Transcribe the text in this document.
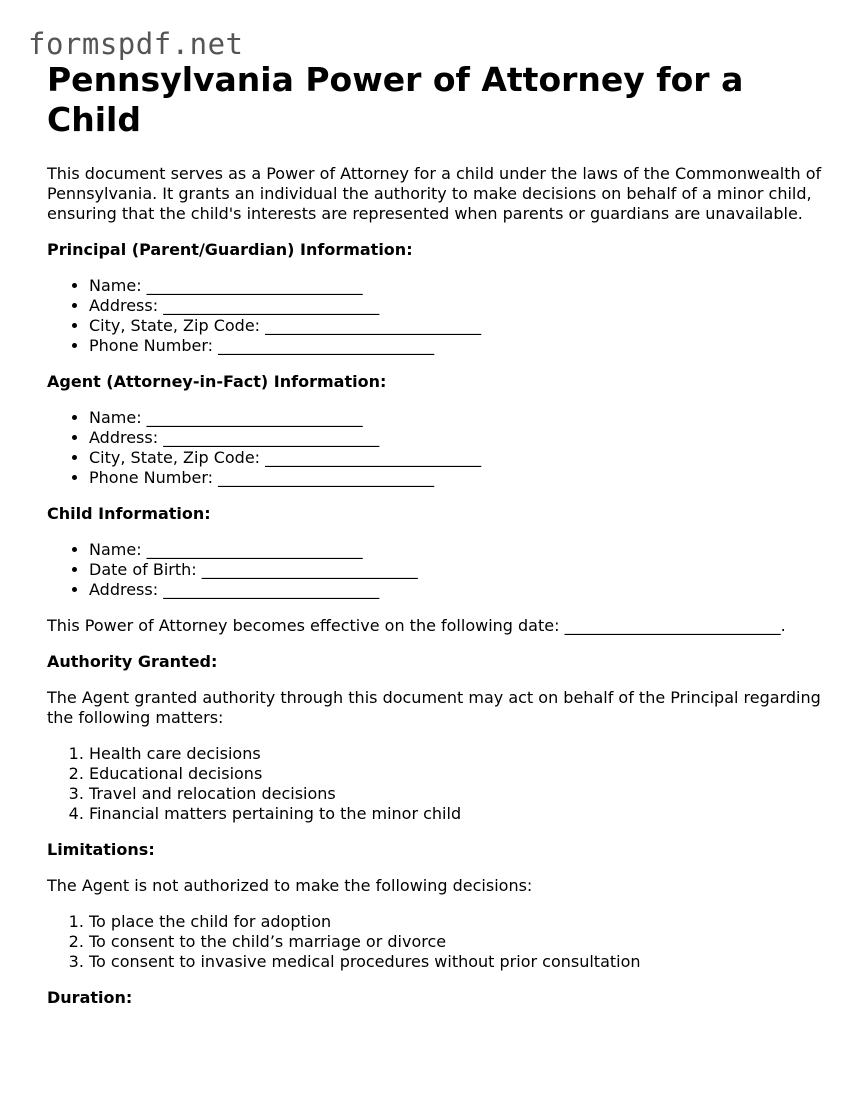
formspdf.net
Pennsylvania Power of Attorney for a Child

This document serves as a Power of Attorney for a child under the laws of the Commonwealth of Pennsylvania. It grants an individual the authority to make decisions on behalf of a minor child, ensuring that the child's interests are represented when parents or guardians are unavailable.

Principal (Parent/Guardian) Information:

• Name: ___________________________
• Address: ___________________________
• City, State, Zip Code: ___________________________
• Phone Number: ___________________________

Agent (Attorney-in-Fact) Information:

• Name: ___________________________
• Address: ___________________________
• City, State, Zip Code: ___________________________
• Phone Number: ___________________________

Child Information:

• Name: ___________________________
• Date of Birth: ___________________________
• Address: ___________________________

This Power of Attorney becomes effective on the following date: ___________________________.

Authority Granted:

The Agent granted authority through this document may act on behalf of the Principal regarding the following matters:

1. Health care decisions
2. Educational decisions
3. Travel and relocation decisions
4. Financial matters pertaining to the minor child

Limitations:

The Agent is not authorized to make the following decisions:

1. To place the child for adoption
2. To consent to the child’s marriage or divorce
3. To consent to invasive medical procedures without prior consultation

Duration:
